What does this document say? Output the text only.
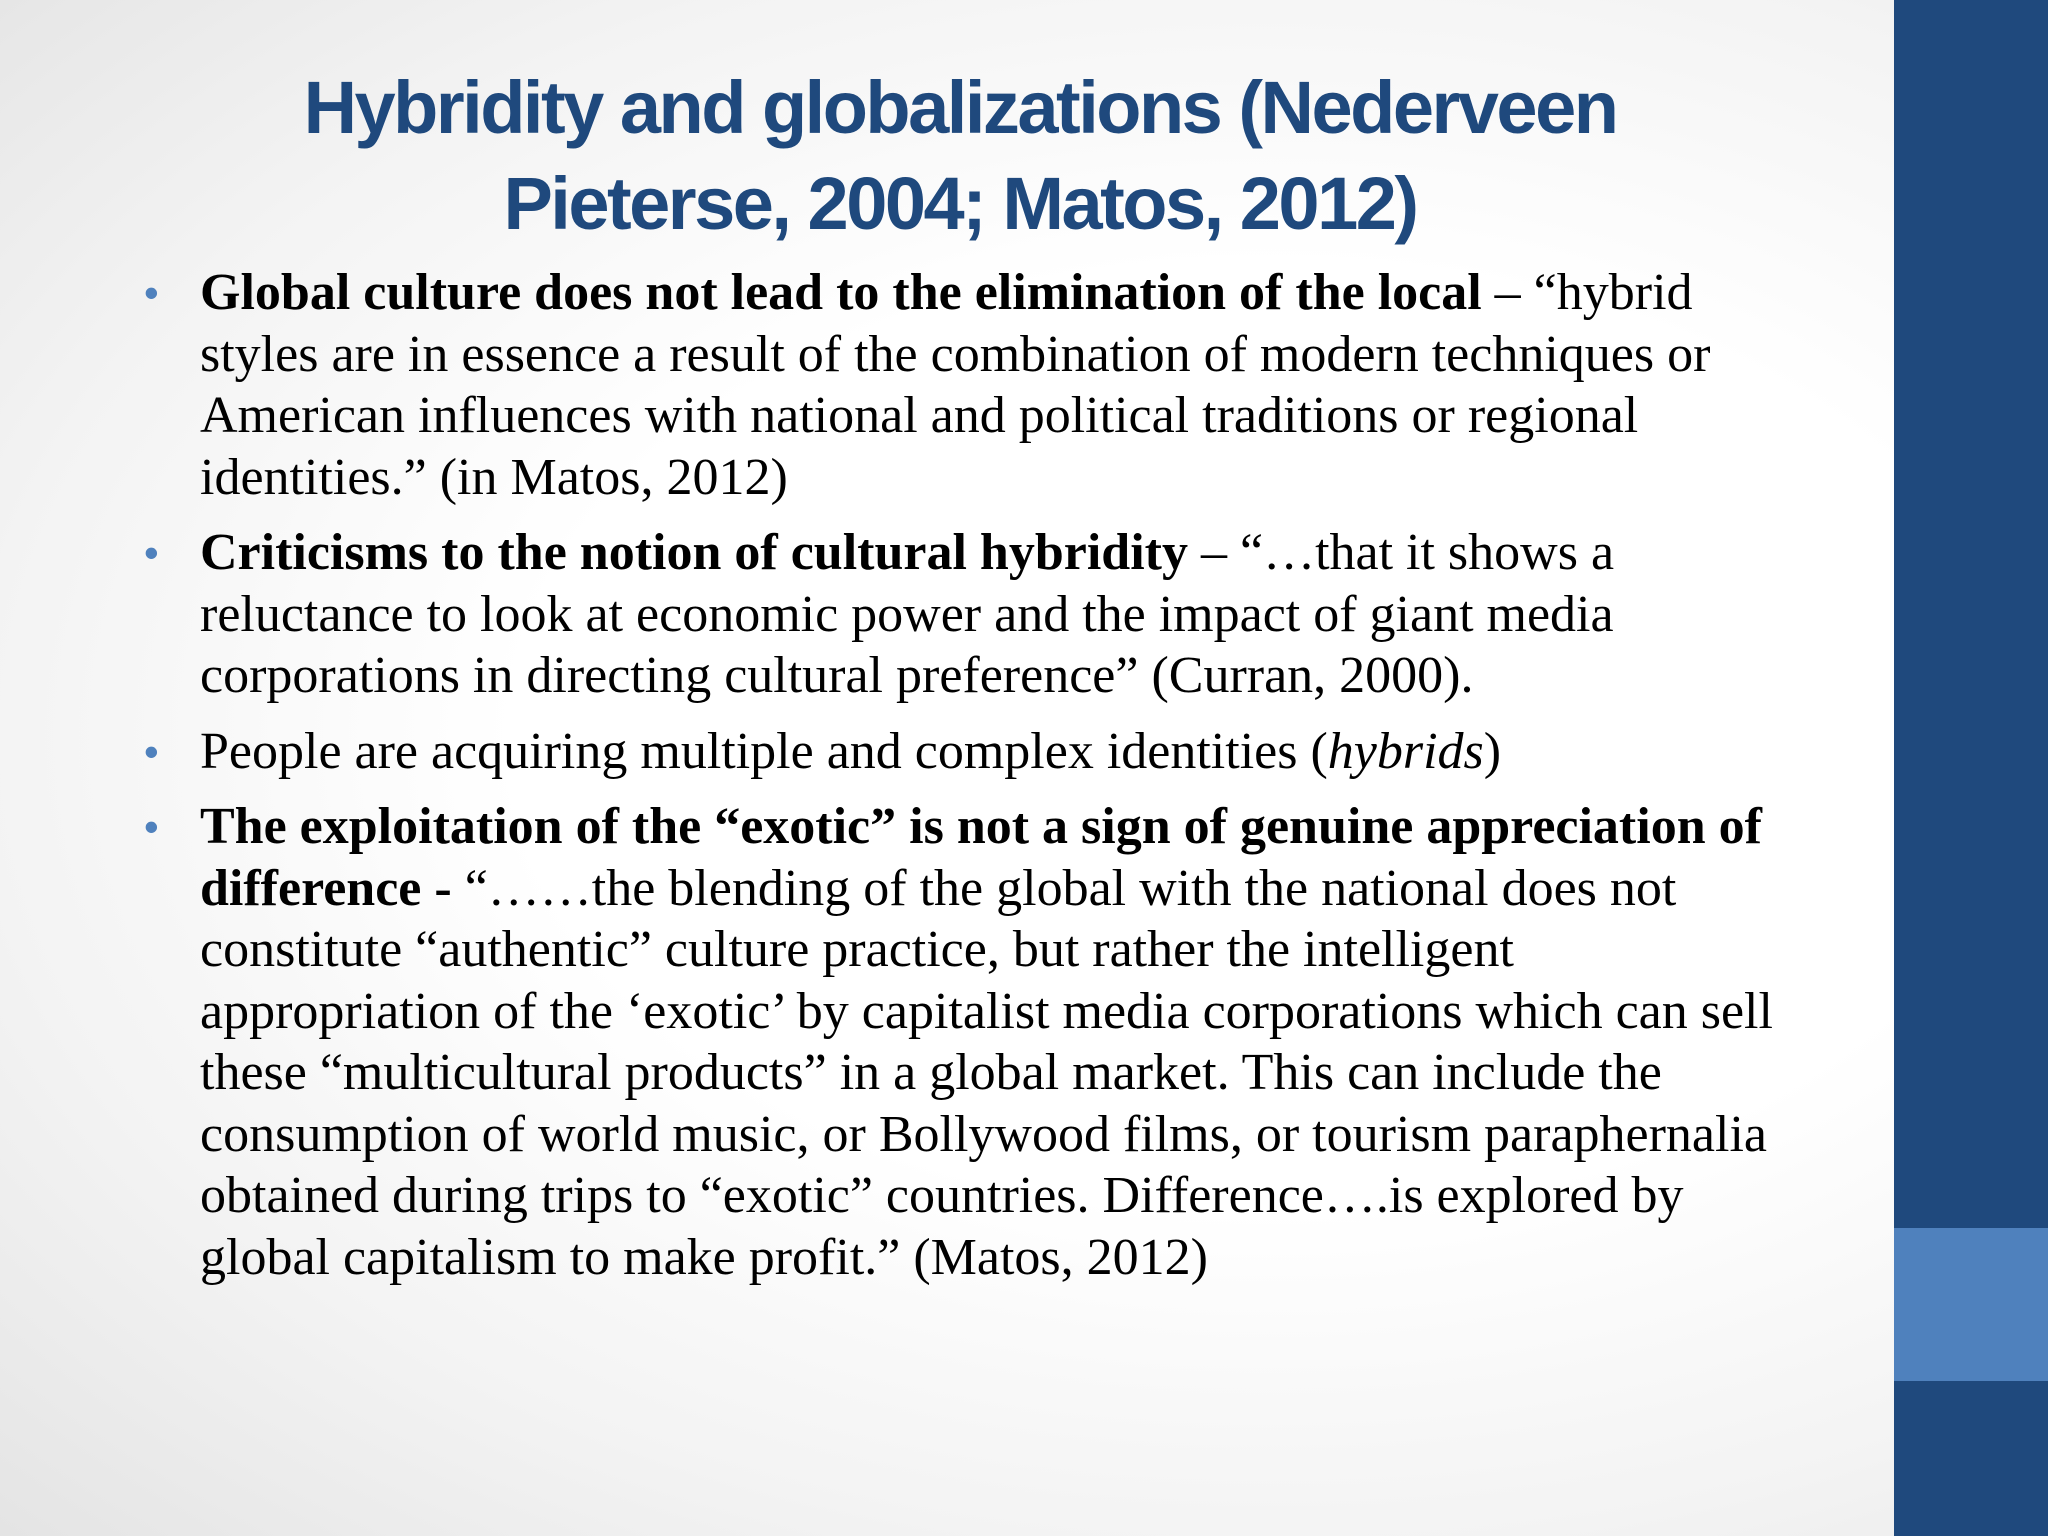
Hybridity and globalizations (Nederveen
Pieterse, 2004; Matos, 2012)
• Global culture does not lead to the elimination of the local – “hybrid styles are in essence a result of the combination of modern techniques or American influences with national and political traditions or regional identities.” (in Matos, 2012)
• Criticisms to the notion of cultural hybridity – “…that it shows a reluctance to look at economic power and the impact of giant media corporations in directing cultural preference” (Curran, 2000).
• People are acquiring multiple and complex identities (hybrids)
• The exploitation of the “exotic” is not a sign of genuine appreciation of difference - “……the blending of the global with the national does not constitute “authentic” culture practice, but rather the intelligent appropriation of the ‘exotic’ by capitalist media corporations which can sell these “multicultural products” in a global market. This can include the consumption of world music, or Bollywood films, or tourism paraphernalia obtained during trips to “exotic” countries. Difference….is explored by global capitalism to make profit.” (Matos, 2012)
